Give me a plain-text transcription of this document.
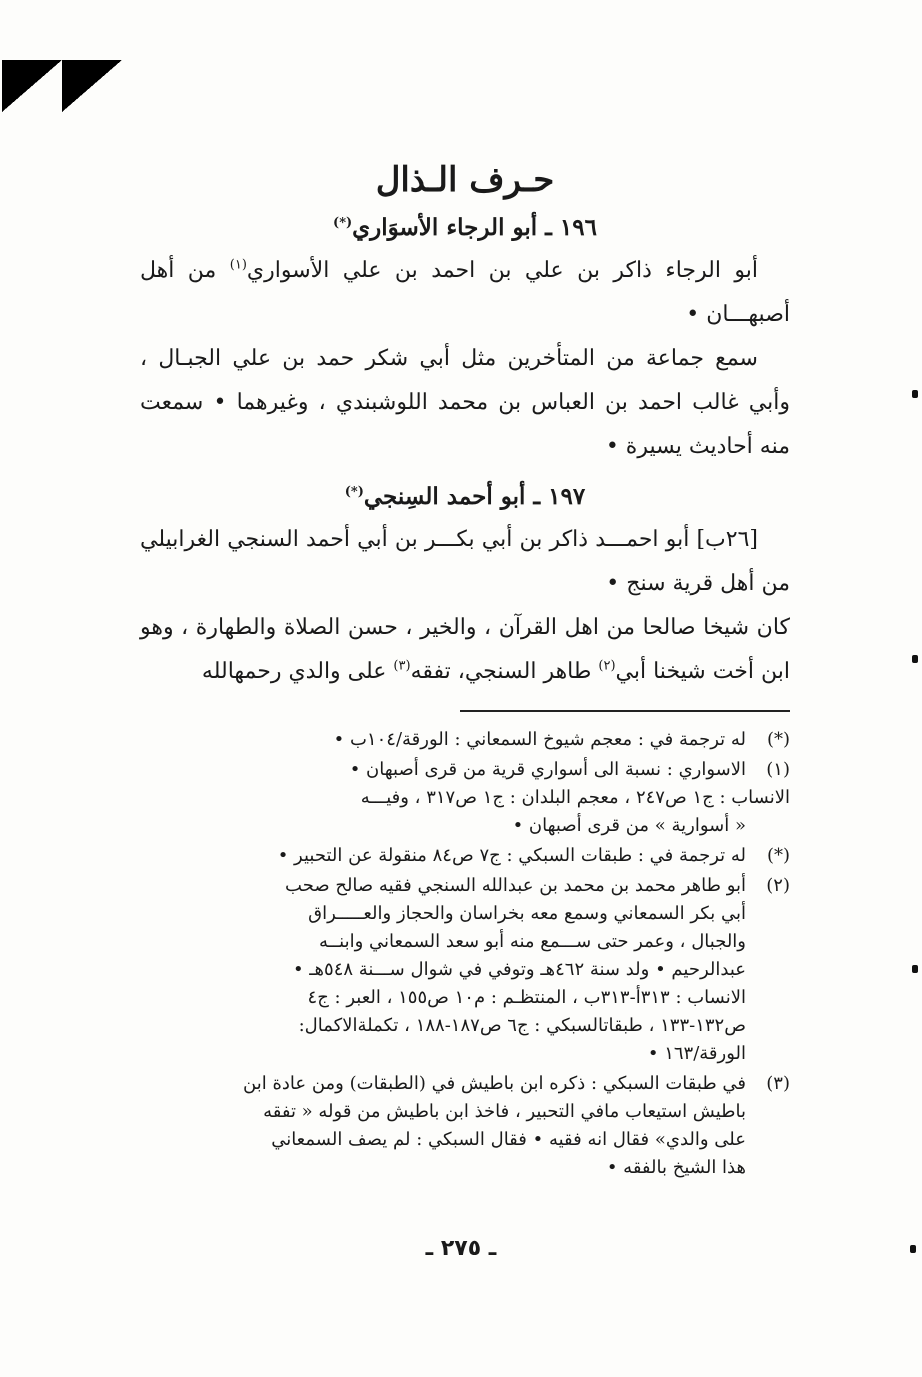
حـرف الـذال
١٩٦ ـ أبو الرجاء الأسوَاري(*)

أبو الرجاء ذاكر بن علي بن احمد بن علي الأسواري$^{(١)}$ من أهل أصبهـــان •

سمع جماعة من المتأخرين مثل أبي شكر حمد بن علي الجبـال ، وأبي غالب احمد بن العباس بن محمد اللوشبندي ، وغيرهما • سمعت منه أحاديث يسيرة •

١٩٧ ـ أبو أحمد السِنجي(*)

[٢٦ب] أبو احمـــد ذاكر بن أبي بكـــر بن أبي أحمد السنجي الغرابيلي من أهل قرية سنج •

كان شيخا صالحا من اهل القرآن ، والخير ، حسن الصلاة والطهارة ، وهو ابن أخت شيخنا أبي$^{(٢)}$ طاهر السنجي، تفقه$^{(٣)}$ على والدي رحمهالله

(*)
له ترجمة في : معجم شيوخ السمعاني : الورقة/١٠٤ب •
(١)
الاسواري : نسبة الى أسواري قرية من قرى أصبهان •
الانساب : ج١ ص٢٤٧ ، معجم البلدان : ج١ ص٣١٧ ، وفيـــه
« أسوارية » من قرى أصبهان •
(*)
له ترجمة في : طبقات السبكي : ج٧ ص٨٤ منقولة عن التحبير •
(٢)
أبو طاهر محمد بن محمد بن عبدالله السنجي فقيه صالح صحب
أبي بكر السمعاني وسمع معه بخراسان والحجاز والعـــــراق
والجبال ، وعمر حتى ســـمع منه أبو سعد السمعاني وابنــه
عبدالرحيم • ولد سنة ٤٦٢هـ وتوفي في شوال ســـنة ٥٤٨هـ •
الانساب : ٣١٣أ-٣١٣ب ، المنتظـم : م١٠ ص١٥٥ ، العبر : ج٤
ص١٣٢-١٣٣ ، طبقاتالسبكي : ج٦ ص١٨٧-١٨٨ ، تكملةالاكمال:
الورقة/١٦٣ •
(٣)
في طبقات السبكي : ذكره ابن باطيش في (الطبقات) ومن عادة ابن
باطيش استيعاب مافي التحبير ، فاخذ ابن باطيش من قوله « تفقه
على والدي» فقال انه فقيه • فقال السبكي : لم يصف السمعاني
هذا الشيخ بالفقه •
ـ ٢٧٥ ـ
